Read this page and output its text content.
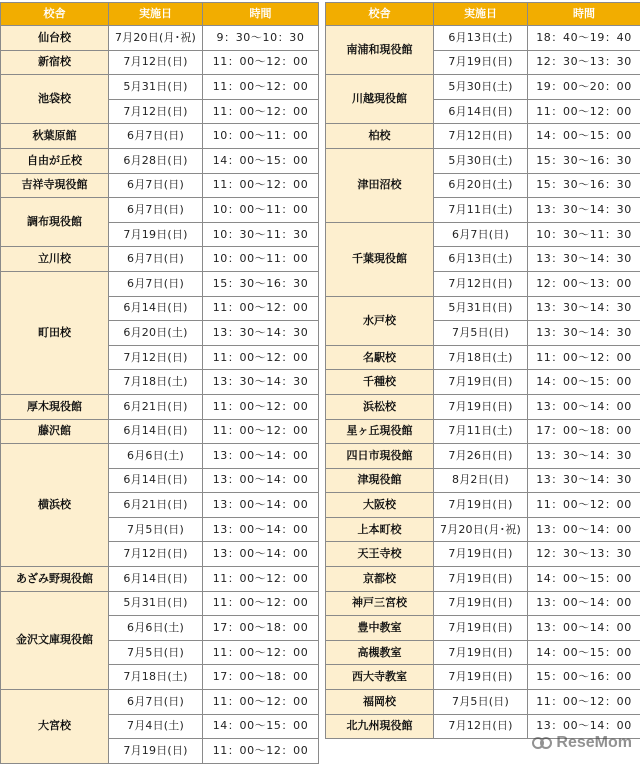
校舎	実施日	時間
仙台校	7月20日(月･祝)	9：30〜10：30
新宿校	7月12日(日)	11：00〜12：00
池袋校	5月31日(日)	11：00〜12：00
	7月12日(日)	11：00〜12：00
秋葉原館	6月7日(日)	10：00〜11：00
自由が丘校	6月28日(日)	14：00〜15：00
吉祥寺現役館	6月7日(日)	11：00〜12：00
調布現役館	6月7日(日)	10：00〜11：00
	7月19日(日)	10：30〜11：30
立川校	6月7日(日)	10：00〜11：00
町田校	6月7日(日)	15：30〜16：30
	6月14日(日)	11：00〜12：00
	6月20日(土)	13：30〜14：30
	7月12日(日)	11：00〜12：00
	7月18日(土)	13：30〜14：30
厚木現役館	6月21日(日)	11：00〜12：00
藤沢館	6月14日(日)	11：00〜12：00
横浜校	6月6日(土)	13：00〜14：00
	6月14日(日)	13：00〜14：00
	6月21日(日)	13：00〜14：00
	7月5日(日)	13：00〜14：00
	7月12日(日)	13：00〜14：00
あざみ野現役館	6月14日(日)	11：00〜12：00
金沢文庫現役館	5月31日(日)	11：00〜12：00
	6月6日(土)	17：00〜18：00
	7月5日(日)	11：00〜12：00
	7月18日(土)	17：00〜18：00
大宮校	6月7日(日)	11：00〜12：00
	7月4日(土)	14：00〜15：00
	7月19日(日)	11：00〜12：00
校舎	実施日	時間
南浦和現役館	6月13日(土)	18：40〜19：40
	7月19日(日)	12：30〜13：30
川越現役館	5月30日(土)	19：00〜20：00
	6月14日(日)	11：00〜12：00
柏校	7月12日(日)	14：00〜15：00
津田沼校	5月30日(土)	15：30〜16：30
	6月20日(土)	15：30〜16：30
	7月11日(土)	13：30〜14：30
千葉現役館	6月7日(日)	10：30〜11：30
	6月13日(土)	13：30〜14：30
	7月12日(日)	12：00〜13：00
水戸校	5月31日(日)	13：30〜14：30
	7月5日(日)	13：30〜14：30
名駅校	7月18日(土)	11：00〜12：00
千種校	7月19日(日)	14：00〜15：00
浜松校	7月19日(日)	13：00〜14：00
星ヶ丘現役館	7月11日(土)	17：00〜18：00
四日市現役館	7月26日(日)	13：30〜14：30
津現役館	8月2日(日)	13：30〜14：30
大阪校	7月19日(日)	11：00〜12：00
上本町校	7月20日(月･祝)	13：00〜14：00
天王寺校	7月19日(日)	12：30〜13：30
京都校	7月19日(日)	14：00〜15：00
神戸三宮校	7月19日(日)	13：00〜14：00
豊中教室	7月19日(日)	13：00〜14：00
高槻教室	7月19日(日)	14：00〜15：00
西大寺教室	7月19日(日)	15：00〜16：00
福岡校	7月5日(日)	11：00〜12：00
北九州現役館	7月12日(日)	13：00〜14：00
ReseMom
